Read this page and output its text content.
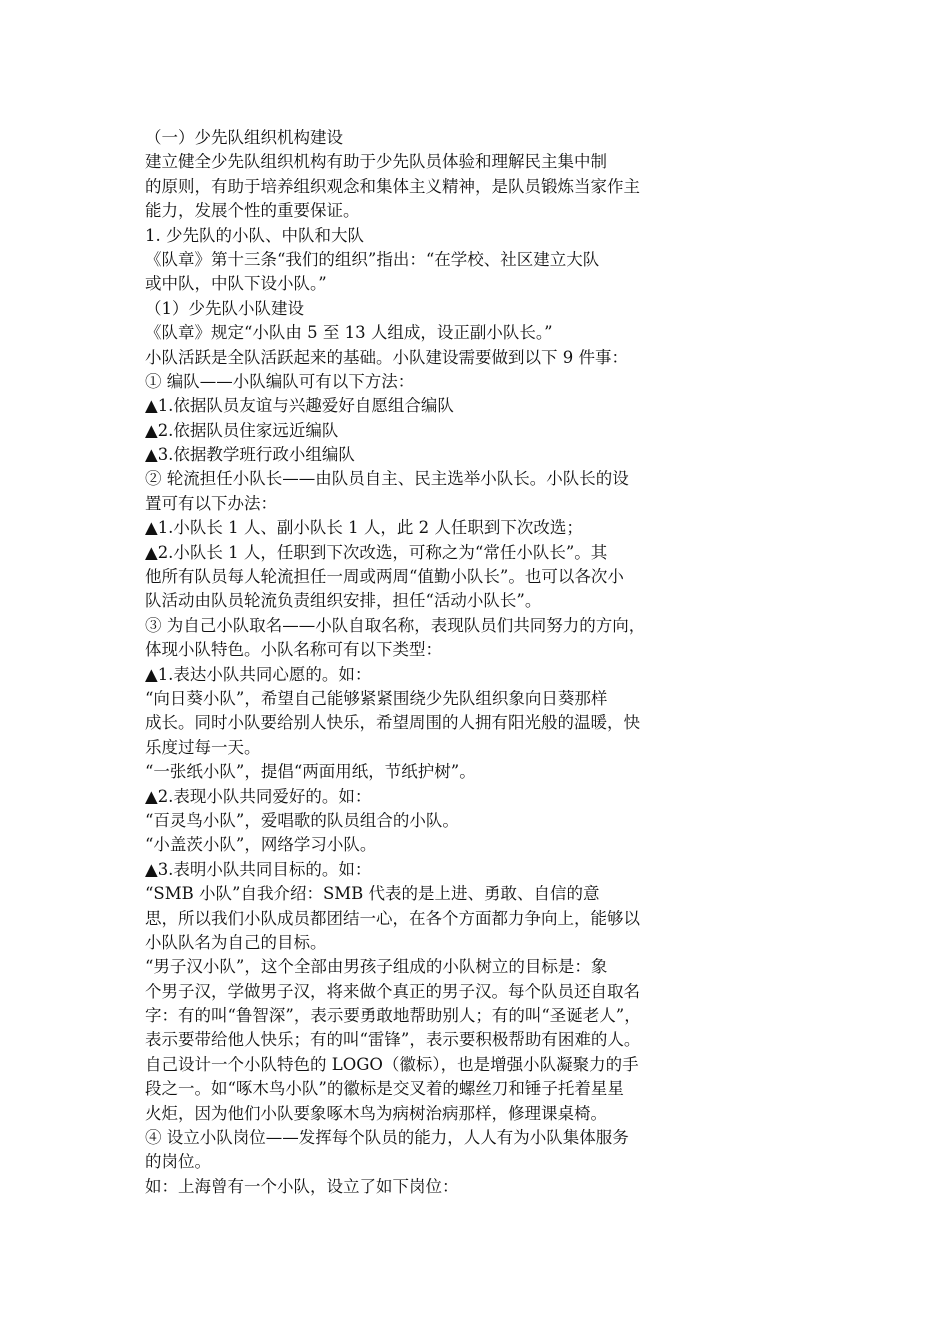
（一）少先队组织机构建设
建立健全少先队组织机构有助于少先队员体验和理解民主集中制
的原则，有助于培养组织观念和集体主义精神，是队员锻炼当家作主
能力，发展个性的重要保证。
1. 少先队的小队、中队和大队
《队章》第十三条“我们的组织”指出：“在学校、社区建立大队
或中队，中队下设小队。”
（1）少先队小队建设
《队章》规定“小队由 5 至 13 人组成，设正副小队长。”
小队活跃是全队活跃起来的基础。小队建设需要做到以下 9 件事：
① 编队——小队编队可有以下方法：
▲1.依据队员友谊与兴趣爱好自愿组合编队
▲2.依据队员住家远近编队
▲3.依据教学班行政小组编队
② 轮流担任小队长——由队员自主、民主选举小队长。小队长的设
置可有以下办法：
▲1.小队长 1 人、副小队长 1 人，此 2 人任职到下次改选；
▲2.小队长 1 人，任职到下次改选，可称之为“常任小队长”。其
他所有队员每人轮流担任一周或两周“值勤小队长”。也可以各次小
队活动由队员轮流负责组织安排，担任“活动小队长”。
③ 为自己小队取名——小队自取名称，表现队员们共同努力的方向，
体现小队特色。小队名称可有以下类型：
▲1.表达小队共同心愿的。如：
“向日葵小队”，希望自己能够紧紧围绕少先队组织象向日葵那样
成长。同时小队要给别人快乐，希望周围的人拥有阳光般的温暖，快
乐度过每一天。
“一张纸小队”，提倡“两面用纸，节纸护树”。
▲2.表现小队共同爱好的。如：
“百灵鸟小队”，爱唱歌的队员组合的小队。
“小盖茨小队”，网络学习小队。
▲3.表明小队共同目标的。如：
“SMB 小队”自我介绍：SMB 代表的是上进、勇敢、自信的意
思，所以我们小队成员都团结一心，在各个方面都力争向上，能够以
小队队名为自己的目标。
“男子汉小队”，这个全部由男孩子组成的小队树立的目标是：象
个男子汉，学做男子汉，将来做个真正的男子汉。每个队员还自取名
字：有的叫“鲁智深”，表示要勇敢地帮助别人；有的叫“圣诞老人”，
表示要带给他人快乐；有的叫“雷锋”，表示要积极帮助有困难的人。
自己设计一个小队特色的 LOGO（徽标），也是增强小队凝聚力的手
段之一。如“啄木鸟小队”的徽标是交叉着的螺丝刀和锤子托着星星
火炬，因为他们小队要象啄木鸟为病树治病那样，修理课桌椅。
④ 设立小队岗位——发挥每个队员的能力，人人有为小队集体服务
的岗位。
如：上海曾有一个小队，设立了如下岗位：
